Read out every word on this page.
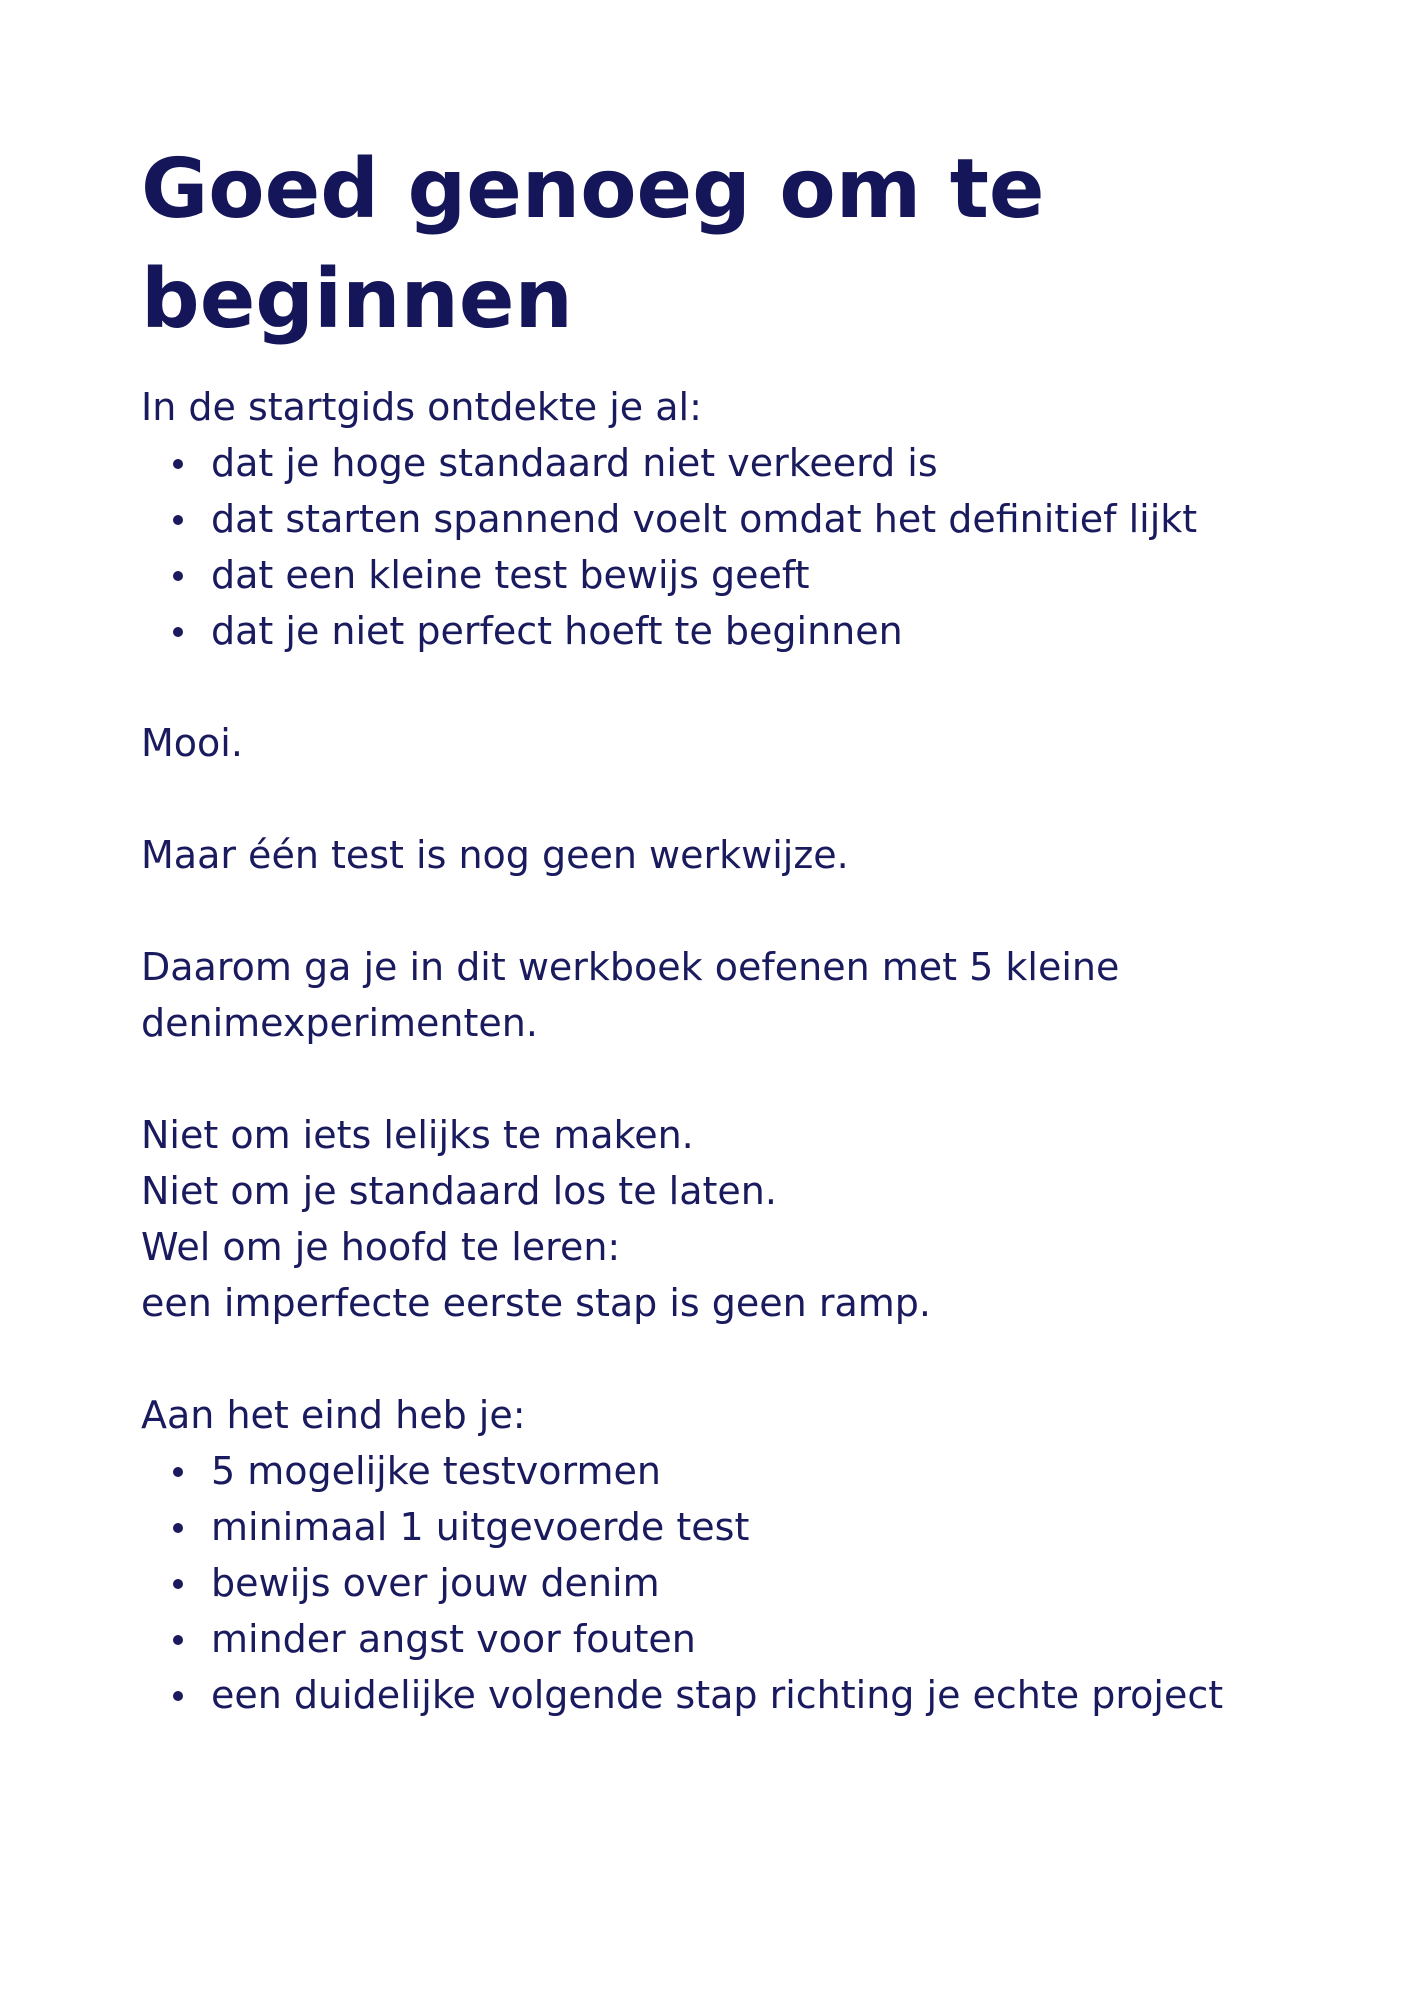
Goed genoeg om te beginnen

In de startgids ontdekte je al:

dat je hoge standaard niet verkeerd is
dat starten spannend voelt omdat het definitief lijkt
dat een kleine test bewijs geeft
dat je niet perfect hoeft te beginnen

Mooi.

Maar één test is nog geen werkwijze.

Daarom ga je in dit werkboek oefenen met 5 kleine denimexperimenten.

Niet om iets lelijks te maken.

Niet om je standaard los te laten.

Wel om je hoofd te leren:

een imperfecte eerste stap is geen ramp.

Aan het eind heb je:

5 mogelijke testvormen
minimaal 1 uitgevoerde test
bewijs over jouw denim
minder angst voor fouten
een duidelijke volgende stap richting je echte project
